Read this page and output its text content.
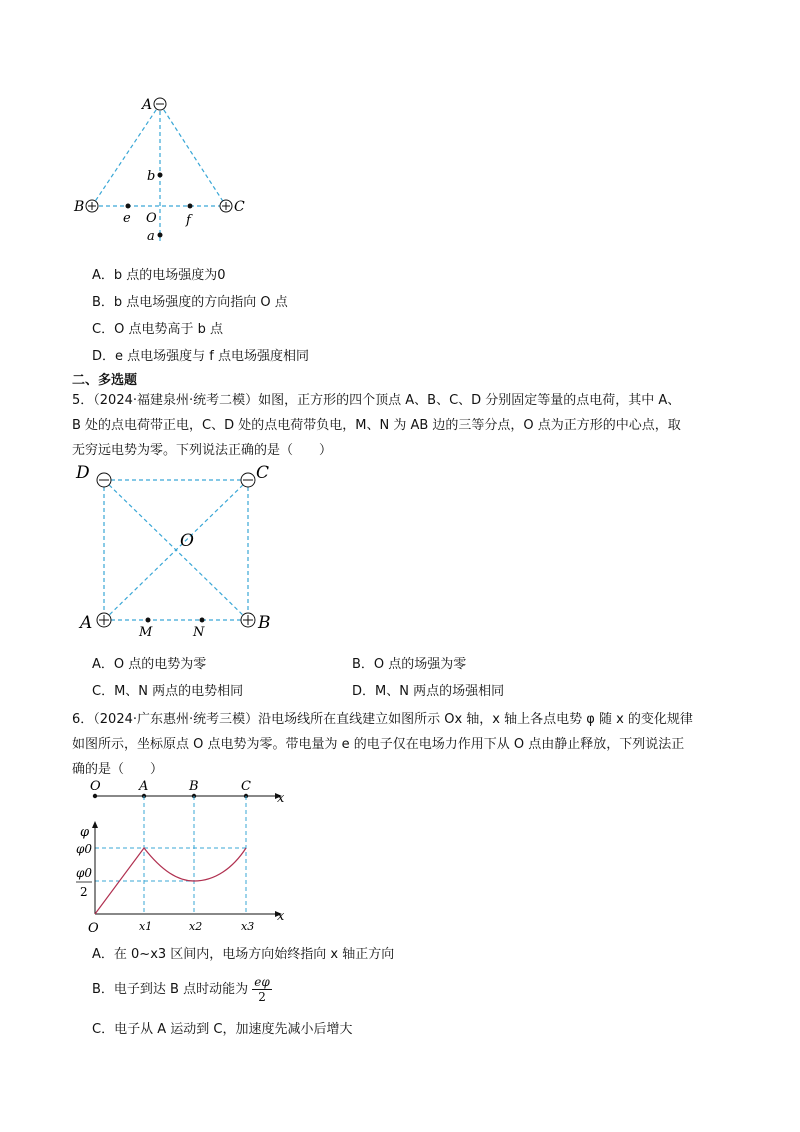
A
B	C
b
e O f
a
A．b 点的电场强度为0
B．b 点电场强度的方向指向 O 点
C．O 点电势高于 b 点
D．e 点电场强度与 f 点电场强度相同
二、多选题
5．（2024·福建泉州·统考二模）如图，正方形的四个顶点 A、B、C、D 分别固定等量的点电荷，其中 A、
B 处的点电荷带正电，C、D 处的点电荷带负电，M、N 为 AB 边的三等分点，O 点为正方形的中心点，取
无穷远电势为零。下列说法正确的是（　　）
D	C
O
A	B
M	N
A．O 点的电势为零	B．O 点的场强为零
C．M、N 两点的电势相同	D．M、N 两点的场强相同
6．（2024·广东惠州·统考三模）沿电场线所在直线建立如图所示 Ox 轴，x 轴上各点电势 φ 随 x 的变化规律
如图所示，坐标原点 O 点电势为零。带电量为 e 的电子仅在电场力作用下从 O 点由静止释放，下列说法正
确的是（　　）
O	A	B	C
x
φ
φ0
φ0
2
O	x1	x2	x3
x
A．在 0~x3 区间内，电场方向始终指向 x 轴正方向
B．电子到达 B 点时动能为 $\frac{e\varphi}{2}$
C．电子从 A 运动到 C，加速度先减小后增大
